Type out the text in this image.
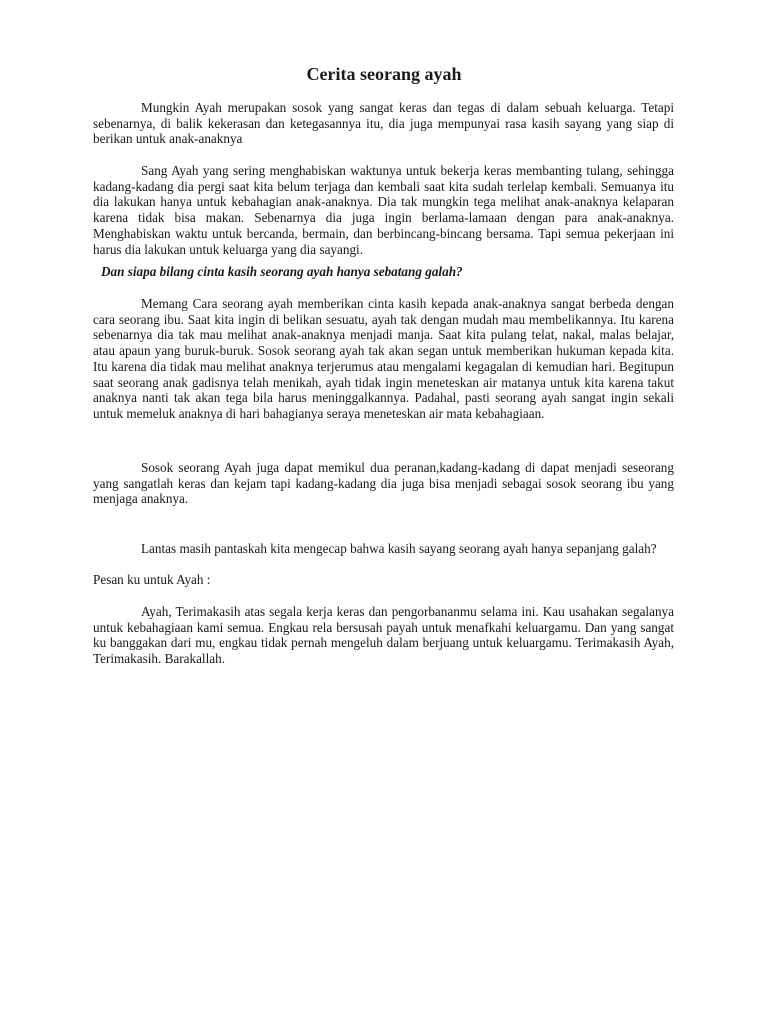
Cerita seorang ayah

Mungkin Ayah merupakan sosok yang sangat keras dan tegas di dalam sebuah keluarga. Tetapi sebenarnya, di balik kekerasan dan ketegasannya itu, dia juga mempunyai rasa kasih sayang yang siap di berikan untuk anak-anaknya

Sang Ayah yang sering menghabiskan waktunya untuk bekerja keras membanting tulang, sehingga kadang-kadang dia pergi saat kita belum terjaga dan kembali saat kita sudah terlelap kembali. Semuanya itu dia lakukan hanya untuk kebahagian anak-anaknya. Dia tak mungkin tega melihat anak-anaknya kelaparan karena tidak bisa makan. Sebenarnya dia juga ingin berlama-lamaan dengan para anak-anaknya. Menghabiskan waktu untuk bercanda, bermain, dan berbincang-bincang bersama. Tapi semua pekerjaan ini harus dia lakukan untuk keluarga yang dia sayangi.

Dan siapa bilang cinta kasih seorang ayah hanya sebatang galah?

Memang Cara seorang ayah memberikan cinta kasih kepada anak-anaknya sangat berbeda dengan cara seorang ibu. Saat kita ingin di belikan sesuatu, ayah tak dengan mudah mau membelikannya. Itu karena sebenarnya dia tak mau melihat anak-anaknya menjadi manja. Saat kita pulang telat, nakal, malas belajar, atau apaun yang buruk-buruk. Sosok seorang ayah tak akan segan untuk memberikan hukuman kepada kita. Itu karena dia tidak mau melihat anaknya terjerumus atau mengalami kegagalan di kemudian hari. Begitupun saat seorang anak gadisnya telah menikah, ayah tidak ingin meneteskan air matanya untuk kita karena takut anaknya nanti tak akan tega bila harus meninggalkannya. Padahal, pasti seorang ayah sangat ingin sekali untuk memeluk anaknya di hari bahagianya seraya meneteskan air mata kebahagiaan.

Sosok seorang Ayah juga dapat memikul dua peranan,kadang-kadang di dapat menjadi seseorang yang sangatlah keras dan kejam tapi kadang-kadang dia juga bisa menjadi sebagai sosok seorang ibu yang menjaga anaknya.

Lantas masih pantaskah kita mengecap bahwa kasih sayang seorang ayah hanya sepanjang galah?

Pesan ku untuk Ayah :

Ayah, Terimakasih atas segala kerja keras dan pengorbananmu selama ini. Kau usahakan segalanya untuk kebahagiaan kami semua. Engkau rela bersusah payah untuk menafkahi keluargamu. Dan yang sangat ku banggakan dari mu, engkau tidak pernah mengeluh dalam berjuang untuk keluargamu. Terimakasih Ayah, Terimakasih. Barakallah.
